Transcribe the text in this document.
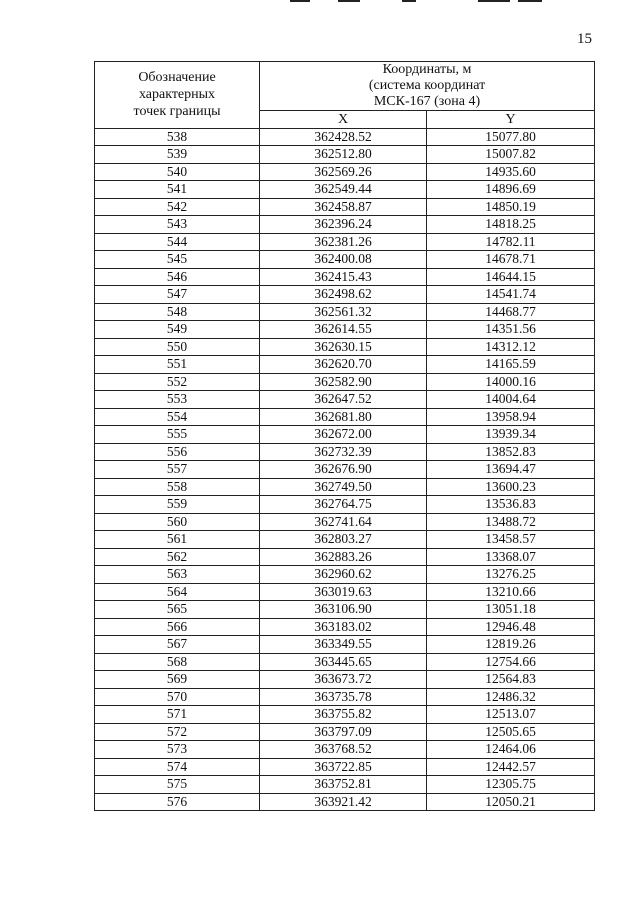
15
Обозначение
характерных
точек границы	Координаты, м
(система координат
МСК-167 (зона 4)	

	X	Y
538	362428.52	15077.80
539	362512.80	15007.82
540	362569.26	14935.60
541	362549.44	14896.69
542	362458.87	14850.19
543	362396.24	14818.25
544	362381.26	14782.11
545	362400.08	14678.71
546	362415.43	14644.15
547	362498.62	14541.74
548	362561.32	14468.77
549	362614.55	14351.56
550	362630.15	14312.12
551	362620.70	14165.59
552	362582.90	14000.16
553	362647.52	14004.64
554	362681.80	13958.94
555	362672.00	13939.34
556	362732.39	13852.83
557	362676.90	13694.47
558	362749.50	13600.23
559	362764.75	13536.83
560	362741.64	13488.72
561	362803.27	13458.57
562	362883.26	13368.07
563	362960.62	13276.25
564	363019.63	13210.66
565	363106.90	13051.18
566	363183.02	12946.48
567	363349.55	12819.26
568	363445.65	12754.66
569	363673.72	12564.83
570	363735.78	12486.32
571	363755.82	12513.07
572	363797.09	12505.65
573	363768.52	12464.06
574	363722.85	12442.57
575	363752.81	12305.75
576	363921.42	12050.21
